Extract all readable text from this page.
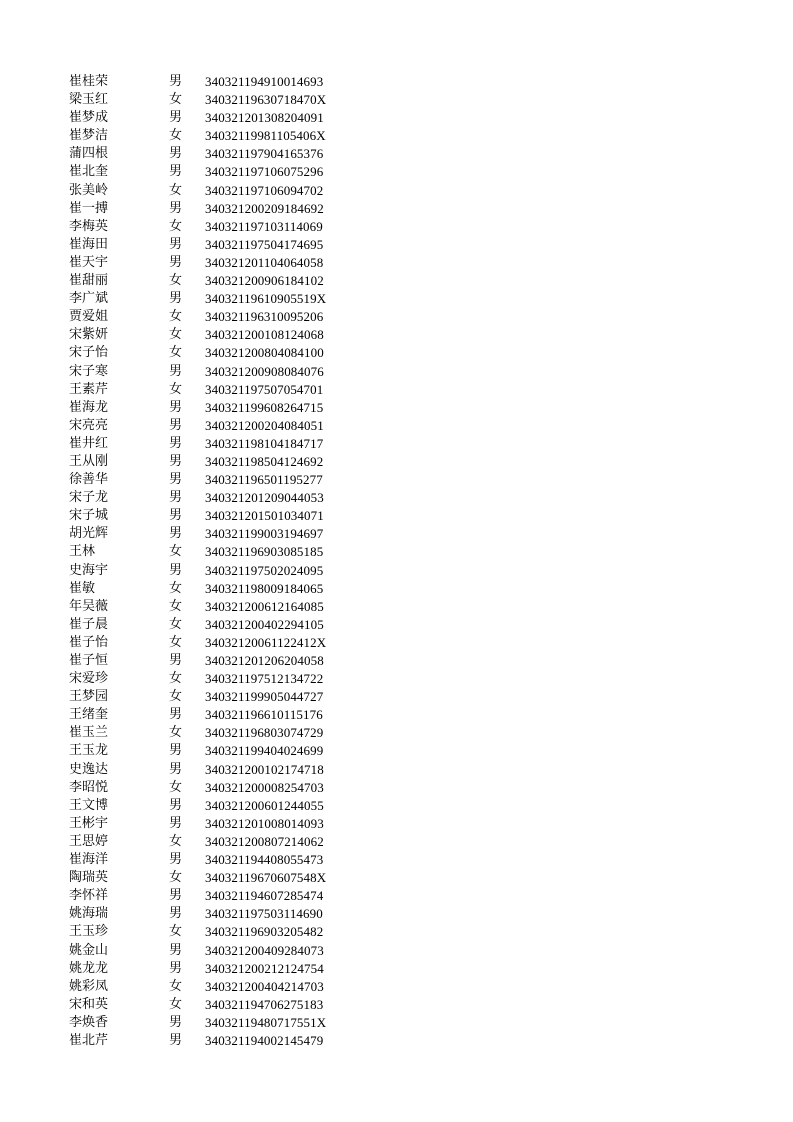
崔桂荣	男 340321194910014693
梁玉红	女 34032119630718470X
崔梦成	男 340321201308204091
崔梦洁	女 34032119981105406X
蒲四根	男 340321197904165376
崔北奎	男 340321197106075296
张美岭	女 340321197106094702
崔一搏	男 340321200209184692
李梅英	女 340321197103114069
崔海田	男 340321197504174695
崔天宇	男 340321201104064058
崔甜丽	女 340321200906184102
李广斌	男 34032119610905519X
贾爱姐	女 340321196310095206
宋紫妍	女 340321200108124068
宋子怡	女 340321200804084100
宋子寒	男 340321200908084076
王素芹	女 340321197507054701
崔海龙	男 340321199608264715
宋亮亮	男 340321200204084051
崔井红	男 340321198104184717
王从刚	男 340321198504124692
徐善华	男 340321196501195277
宋子龙	男 340321201209044053
宋子城	男 340321201501034071
胡光辉	男 340321199003194697
王林	女 340321196903085185
史海宇	男 340321197502024095
崔敏	女 340321198009184065
年吴薇	女 340321200612164085
崔子晨	女 340321200402294105
崔子怡	女 34032120061122412X
崔子恒	男 340321201206204058
宋爱珍	女 340321197512134722
王梦园	女 340321199905044727
王绪奎	男 340321196610115176
崔玉兰	女 340321196803074729
王玉龙	男 340321199404024699
史逸达	男 340321200102174718
李昭悦	女 340321200008254703
王文博	男 340321200601244055
王彬宇	男 340321201008014093
王思婷	女 340321200807214062
崔海洋	男 340321194408055473
陶瑞英	女 34032119670607548X
李怀祥	男 340321194607285474
姚海瑞	男 340321197503114690
王玉珍	女 340321196903205482
姚金山	男 340321200409284073
姚龙龙	男 340321200212124754
姚彩凤	女 340321200404214703
宋和英	女 340321194706275183
李焕香	男 34032119480717551X
崔北芹	男 340321194002145479
